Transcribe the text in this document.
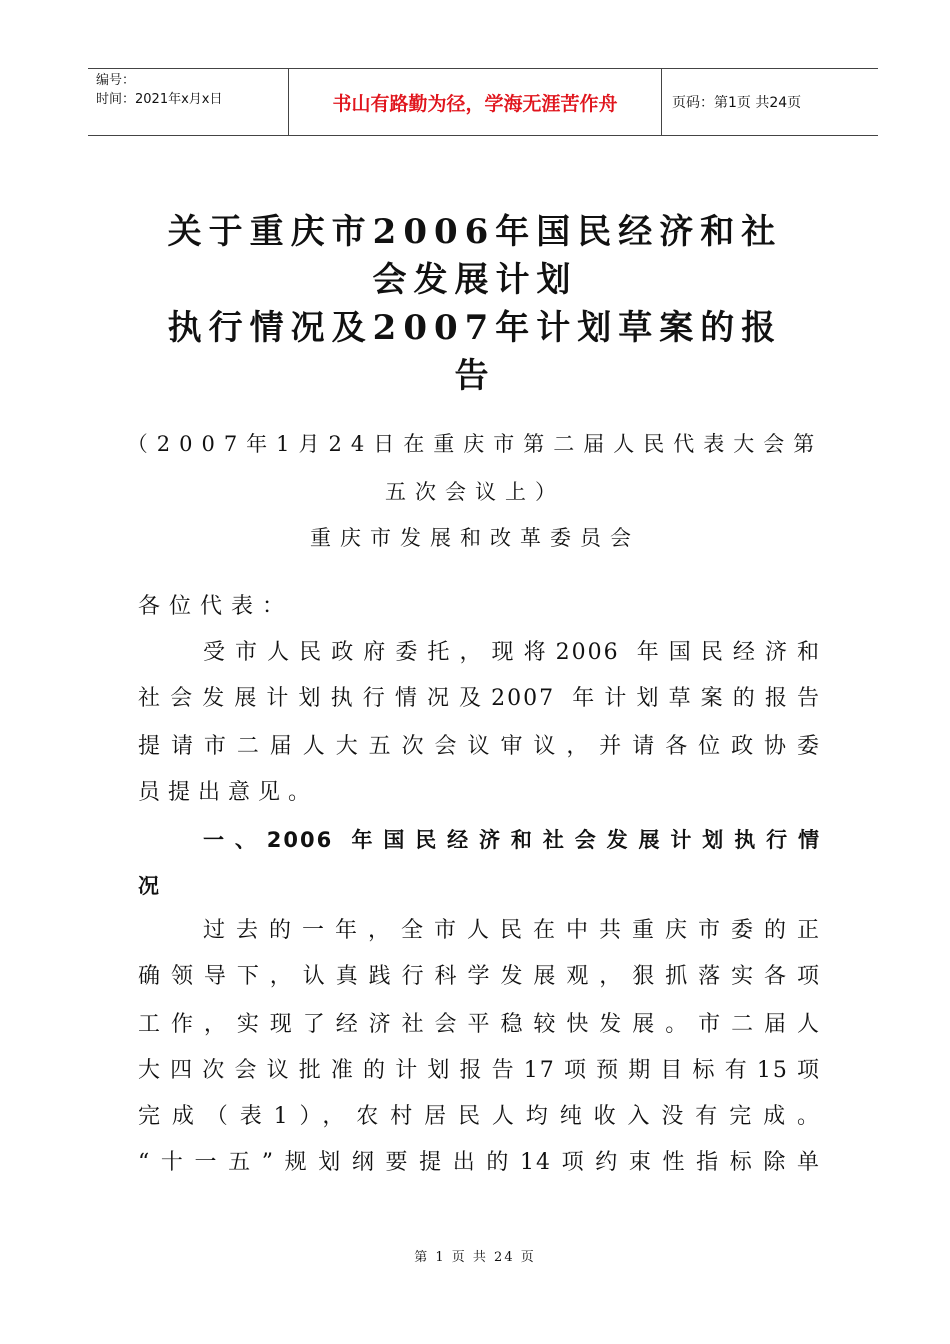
编号：
时间：2021年x月x日	书山有路勤为径，学海无涯苦作舟	页码：第1页 共24页
关于重庆市2006年国民经济和社
会发展计划
执行情况及2007年计划草案的报
告
（2007年1月24日在重庆市第二届人民代表大会第
五次会议上）
重庆市发展和改革委员会
各位代表：
受市人民政府委托，现将2006 年国民经济和
社会发展计划执行情况及2007 年计划草案的报告
提请市二届人大五次会议审议，并请各位政协委
员提出意见。
一、2006 年国民经济和社会发展计划执行情
况
过去的一年，全市人民在中共重庆市委的正
确领导下，认真践行科学发展观，狠抓落实各项
工作，实现了经济社会平稳较快发展。市二届人
大四次会议批准的计划报告17项预期目标有15项
完成（表1），农村居民人均纯收入没有完成。
“十一五”规划纲要提出的14项约束性指标除单
第 1 页 共 24 页
